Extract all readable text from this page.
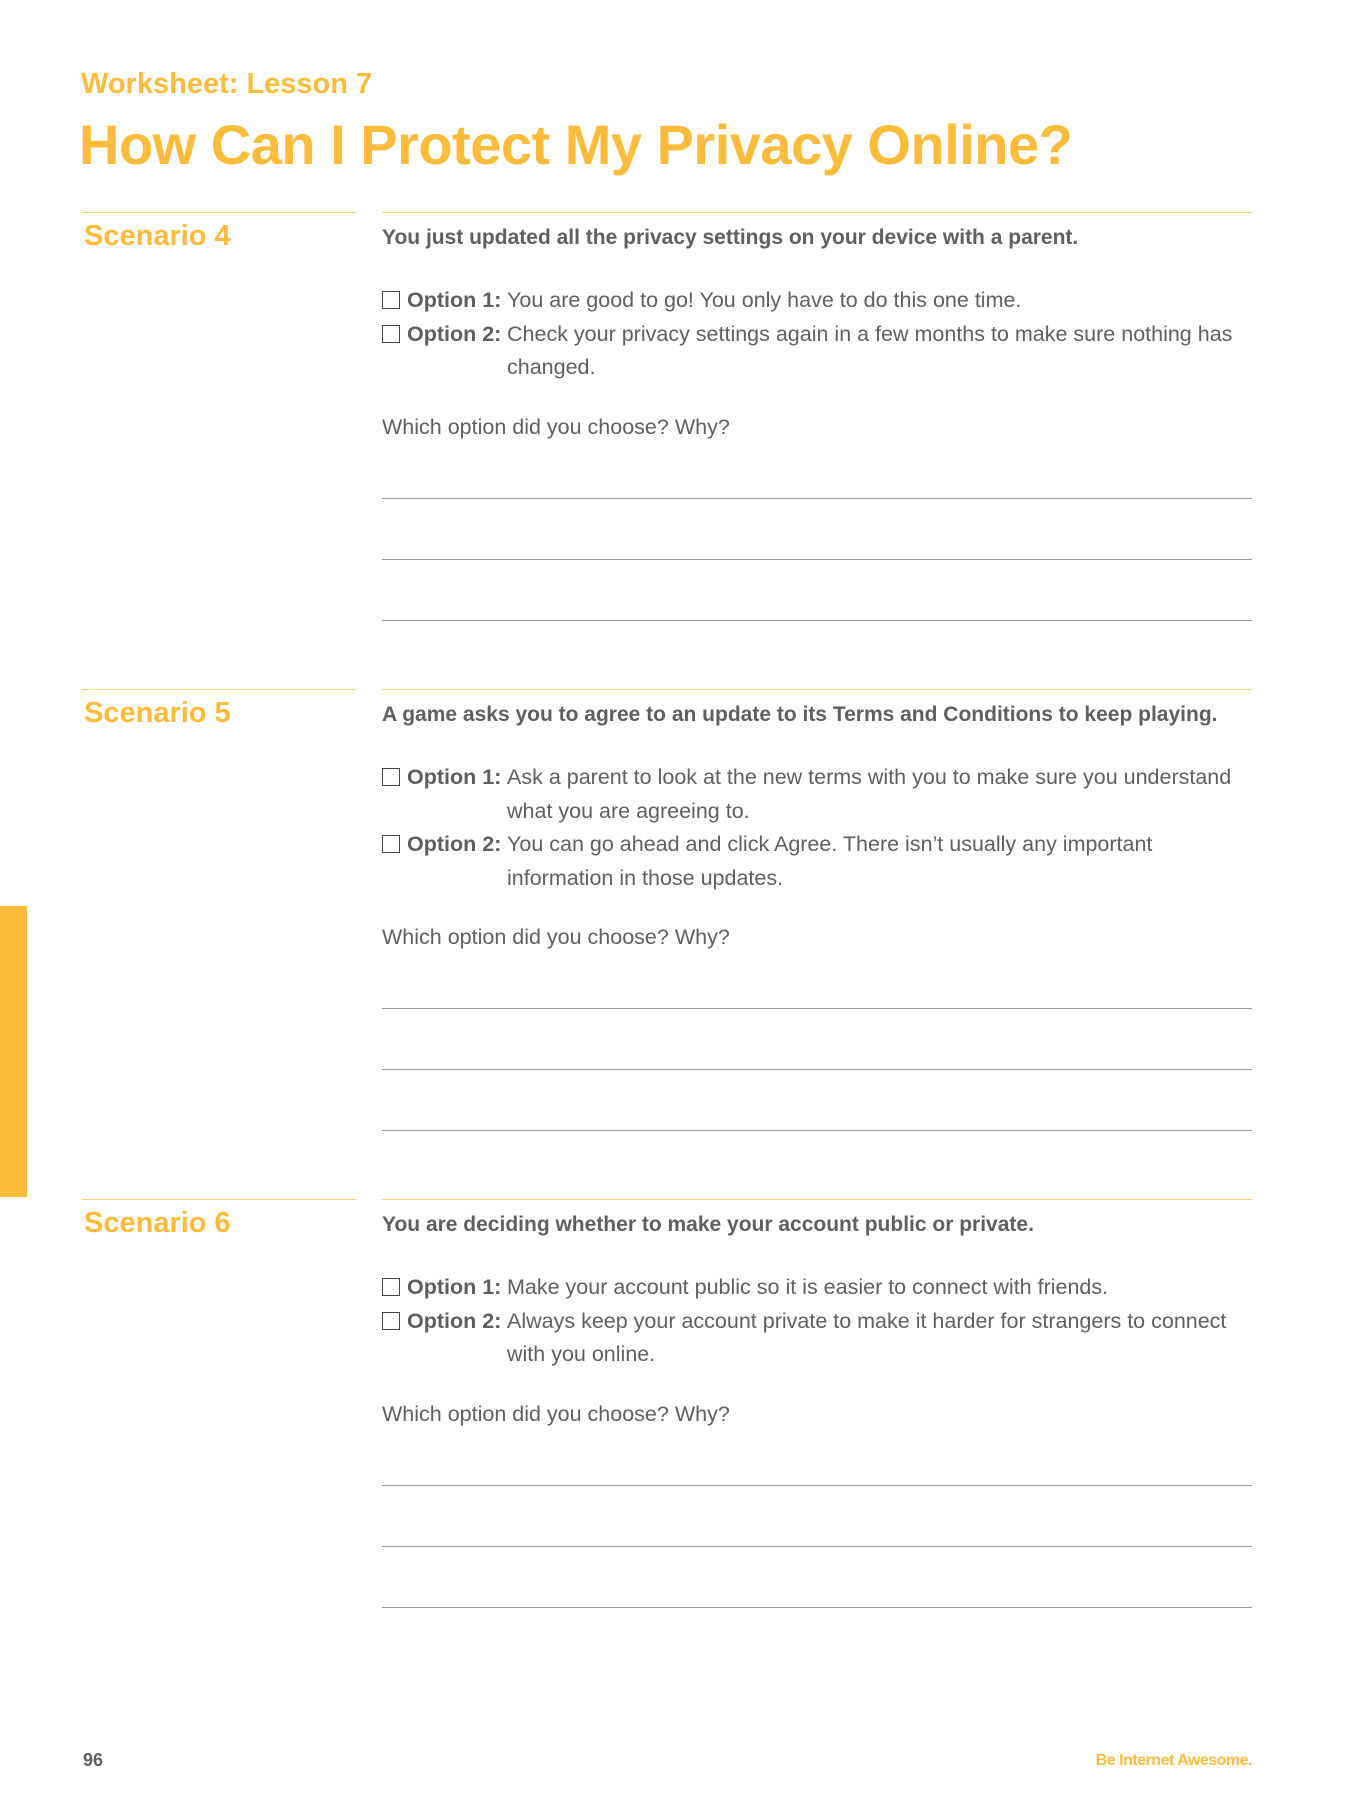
Worksheet: Lesson 7
How Can I Protect My Privacy Online?
Scenario 4	You just updated all the privacy settings on your device with a parent.
Option 1: You are good to go! You only have to do this one time.
Option 2: Check your privacy settings again in a few months to make sure nothing has changed.
Which option did you choose? Why?
Scenario 5	A game asks you to agree to an update to its Terms and Conditions to keep playing.
Option 1: Ask a parent to look at the new terms with you to make sure you understand what you are agreeing to.
Option 2: You can go ahead and click Agree. There isn’t usually any important information in those updates.
Which option did you choose? Why?
Scenario 6	You are deciding whether to make your account public or private.
Option 1: Make your account public so it is easier to connect with friends.
Option 2: Always keep your account private to make it harder for strangers to connect with you online.
Which option did you choose? Why?
96	Be Internet Awesome.
